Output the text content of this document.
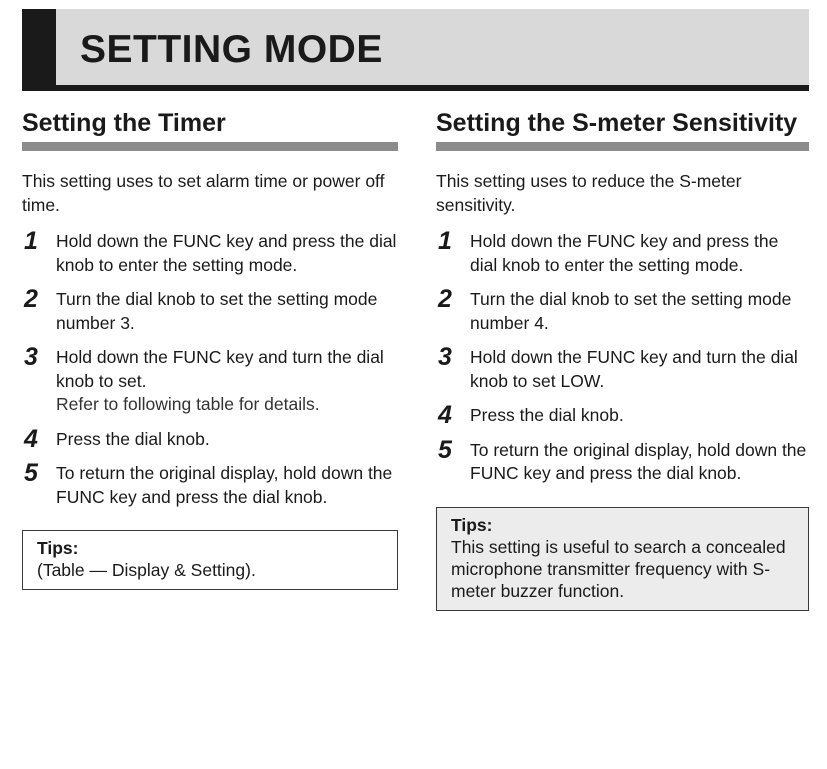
SETTING MODE
Setting the Timer

This setting uses to set alarm time or power off time.

1 Hold down the FUNC key and press the dial knob to enter the setting mode.
2 Turn the dial knob to set the setting mode number 3.
3 Hold down the FUNC key and turn the dial knob to set.
Refer to following table for details.
4 Press the dial knob.
5 To return the original display, hold down the FUNC key and press the dial knob.
Tips:
(Table — Display & Setting).
Setting the S-meter Sensitivity

This setting uses to reduce the S-meter sensitivity.

1 Hold down the FUNC key and press the dial knob to enter the setting mode.
2 Turn the dial knob to set the setting mode number 4.
3 Hold down the FUNC key and turn the dial knob to set LOW.
4 Press the dial knob.
5 To return the original display, hold down the FUNC key and press the dial knob.
Tips:
This setting is useful to search a concealed microphone transmitter frequency with S-meter buzzer function.
